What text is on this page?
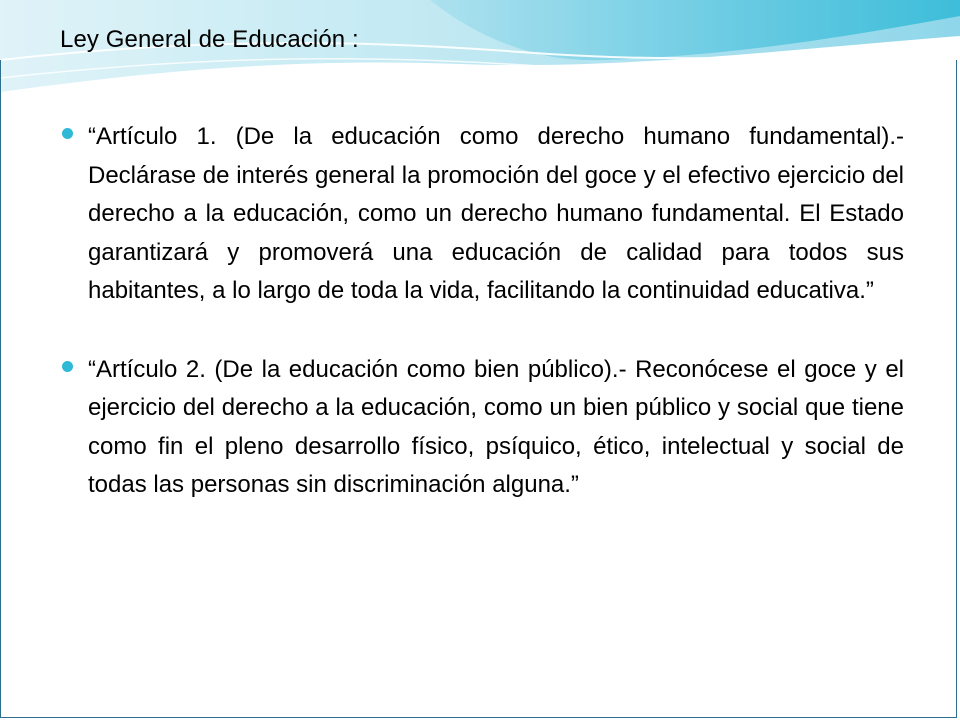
Ley General de Educación :
“Artículo 1. (De la educación como derecho humano fundamental).- Declárase de interés general la promoción del goce y el efectivo ejercicio del derecho a la educación, como un derecho humano fundamental. El Estado garantizará y promoverá una educación de calidad para todos sus habitantes, a lo largo de toda la vida, facilitando la continuidad educativa.”
“Artículo 2. (De la educación como bien público).- Reconócese el goce y el ejercicio del derecho a la educación, como un bien público y social que tiene como fin el pleno desarrollo físico, psíquico, ético, intelectual y social de todas las personas sin discriminación alguna.”
